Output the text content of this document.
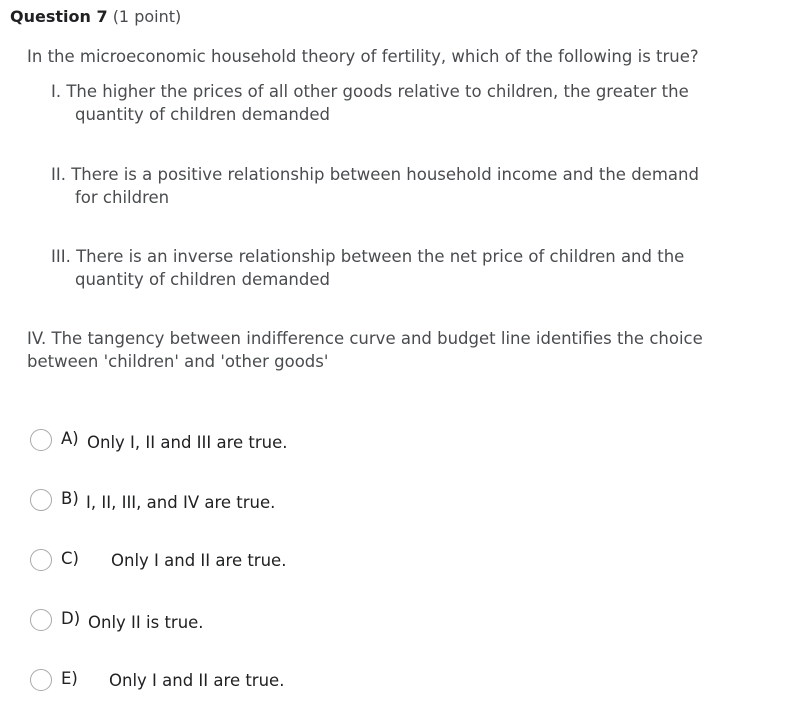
Question 7 (1 point)
In the microeconomic household theory of fertility, which of the following is true?
I. The higher the prices of all other goods relative to children, the greater the
quantity of children demanded
II. There is a positive relationship between household income and the demand
for children
III. There is an inverse relationship between the net price of children and the
quantity of children demanded
IV. The tangency between indifference curve and budget line identifies the choice between 'children' and 'other goods'
A) Only I, II and III are true.
B) I, II, III, and IV are true.
C) Only I and II are true.
D) Only II is true.
E) Only I and II are true.
